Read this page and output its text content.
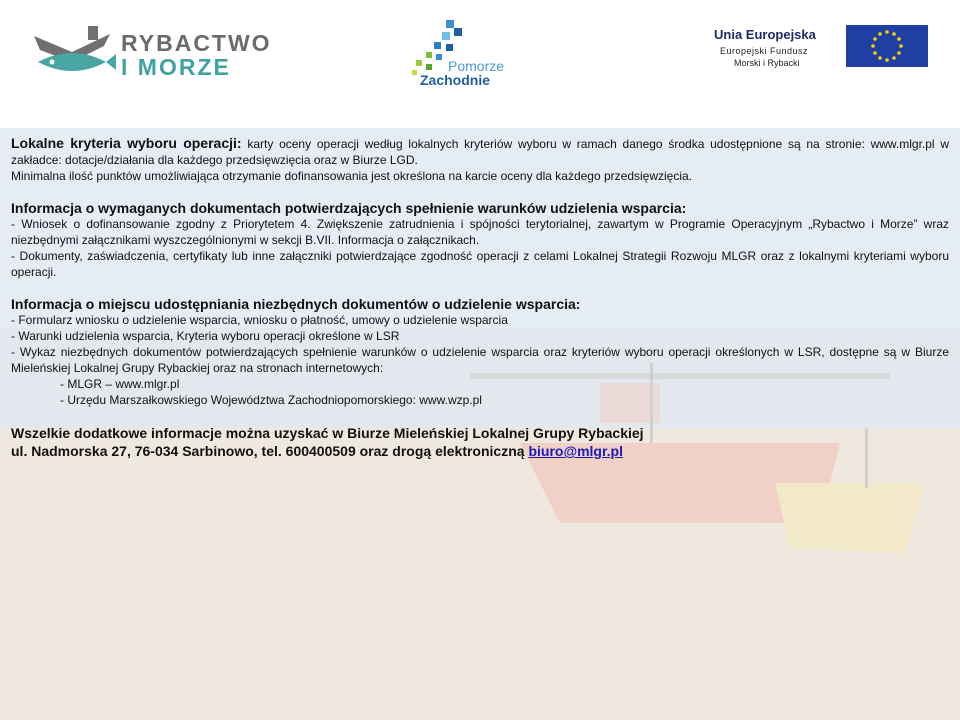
RYBACTWO
I MORZE	Pomorze
Zachodnie
Unia Europejska
Europejski Fundusz
Morski i Rybacki

Lokalne kryteria wyboru operacji: karty oceny operacji według lokalnych kryteriów wyboru w ramach danego środka udostępnione są na stronie: www.mlgr.pl w zakładce: dotacje/działania dla każdego przedsięwzięcia oraz w Biurze LGD.

Minimalna ilość punktów umożliwiająca otrzymanie dofinansowania jest określona na karcie oceny dla każdego przedsięwzięcia.

Informacja o wymaganych dokumentach potwierdzających spełnienie warunków udzielenia wsparcia:

- Wniosek o dofinansowanie zgodny z Priorytetem 4. Zwiększenie zatrudnienia i spójności terytorialnej, zawartym w Programie Operacyjnym „Rybactwo i Morze” wraz niezbędnymi załącznikami wyszczególnionymi w sekcji B.VII. Informacja o załącznikach.

- Dokumenty, zaświadczenia, certyfikaty lub inne załączniki potwierdzające zgodność operacji z celami Lokalnej Strategii Rozwoju MLGR oraz z lokalnymi kryteriami wyboru operacji.

Informacja o miejscu udostępniania niezbędnych dokumentów o udzielenie wsparcia:

- Formularz wniosku o udzielenie wsparcia, wniosku o płatność, umowy o udzielenie wsparcia

- Warunki udzielenia wsparcia, Kryteria wyboru operacji określone w LSR

- Wykaz niezbędnych dokumentów potwierdzających spełnienie warunków o udzielenie wsparcia oraz kryteriów wyboru operacji określonych w LSR, dostępne są w Biurze Mieleńskiej Lokalnej Grupy Rybackiej oraz na stronach internetowych:

- MLGR – www.mlgr.pl

- Urzędu Marszałkowskiego Województwa Zachodniopomorskiego: www.wzp.pl

Wszelkie dodatkowe informacje można uzyskać w Biurze Mieleńskiej Lokalnej Grupy Rybackiej

ul. Nadmorska 27, 76-034 Sarbinowo, tel. 600400509 oraz drogą elektroniczną biuro@mlgr.pl
